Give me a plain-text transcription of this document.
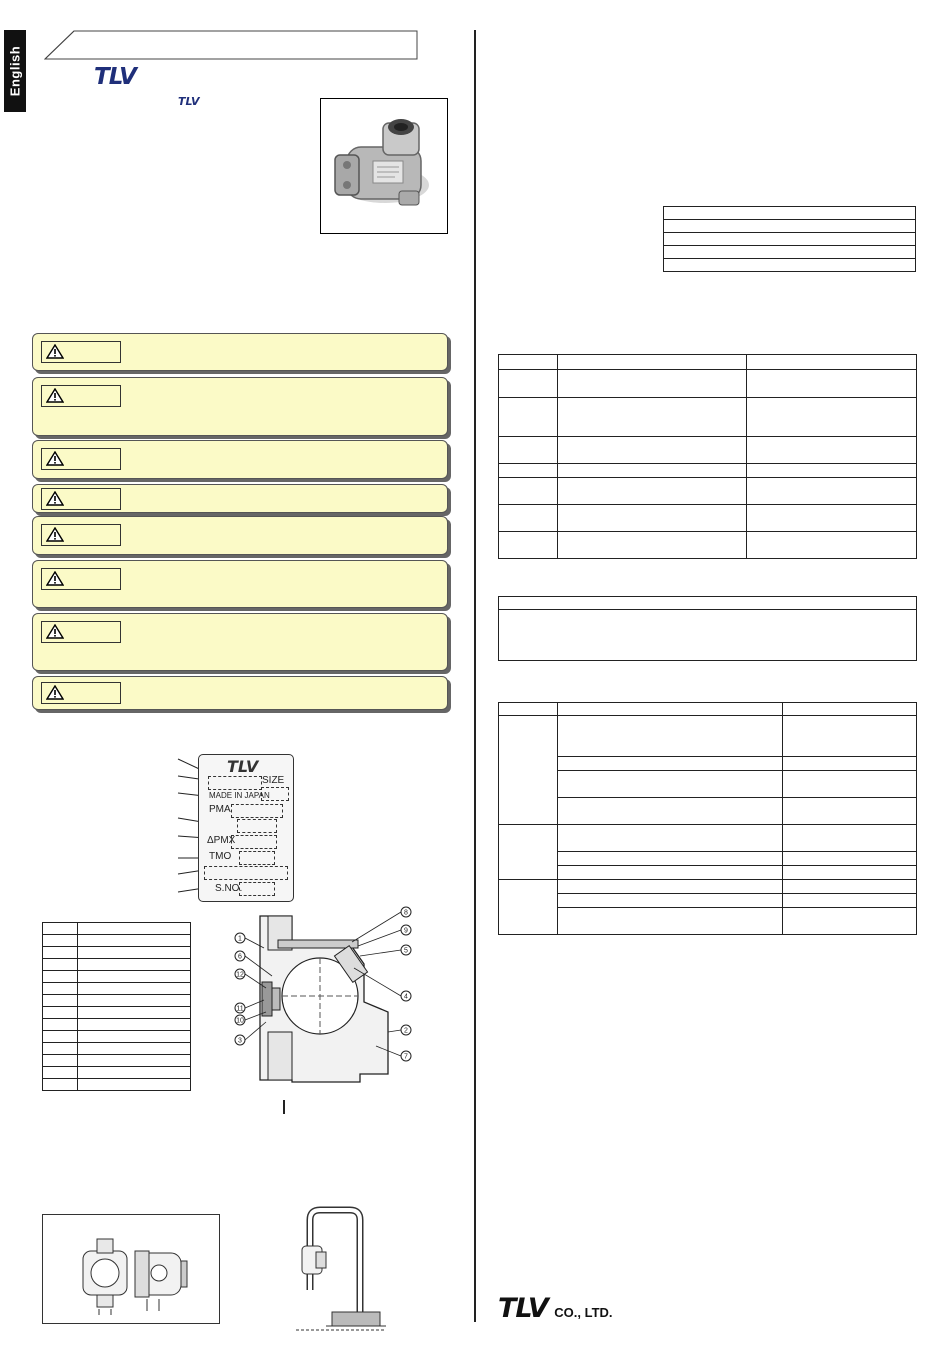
English	TLV
TLV
TLV
SIZE
MADE IN JAPAN
PMA
ΔPMX
TMO
S.NO.

1
6
12
11
10
3
8
9
5
4
2
7

TLV CO., LTD.
